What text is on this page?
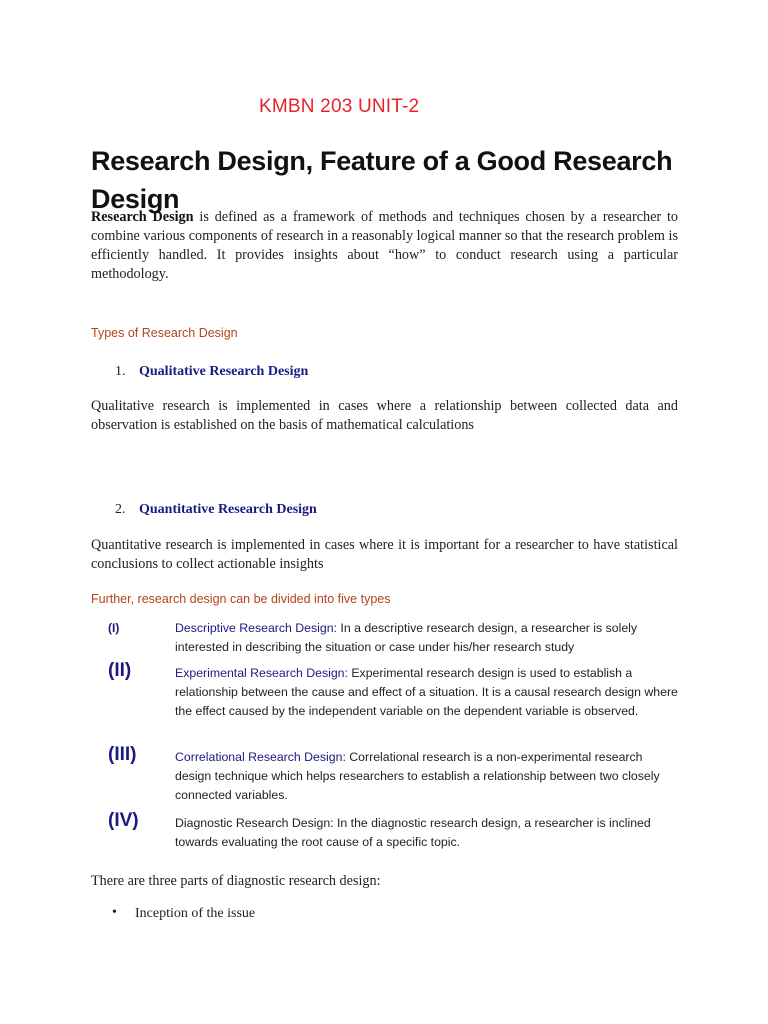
KMBN 203 UNIT-2
Research Design, Feature of a Good Research Design
Research Design is defined as a framework of methods and techniques chosen by a researcher to combine various components of research in a reasonably logical manner so that the research problem is efficiently handled. It provides insights about “how” to conduct research using a particular methodology.
Types of Research Design
1. Qualitative Research Design
Qualitative research is implemented in cases where a relationship between collected data and observation is established on the basis of mathematical calculations
2. Quantitative Research Design
Quantitative research is implemented in cases where it is important for a researcher to have statistical conclusions to collect actionable insights
Further, research design can be divided into five types
(I)	Descriptive Research Design: In a descriptive research design, a researcher is solely interested in describing the situation or case under his/her research study
(II)	Experimental Research Design: Experimental research design is used to establish a relationship between the cause and effect of a situation. It is a causal research design where the effect caused by the independent variable on the dependent variable is observed.
(III)	Correlational Research Design: Correlational research is a non-experimental research design technique which helps researchers to establish a relationship between two closely connected variables.
(IV)	Diagnostic Research Design: In the diagnostic research design, a researcher is inclined towards evaluating the root cause of a specific topic.
There are three parts of diagnostic research design:
• Inception of the issue
